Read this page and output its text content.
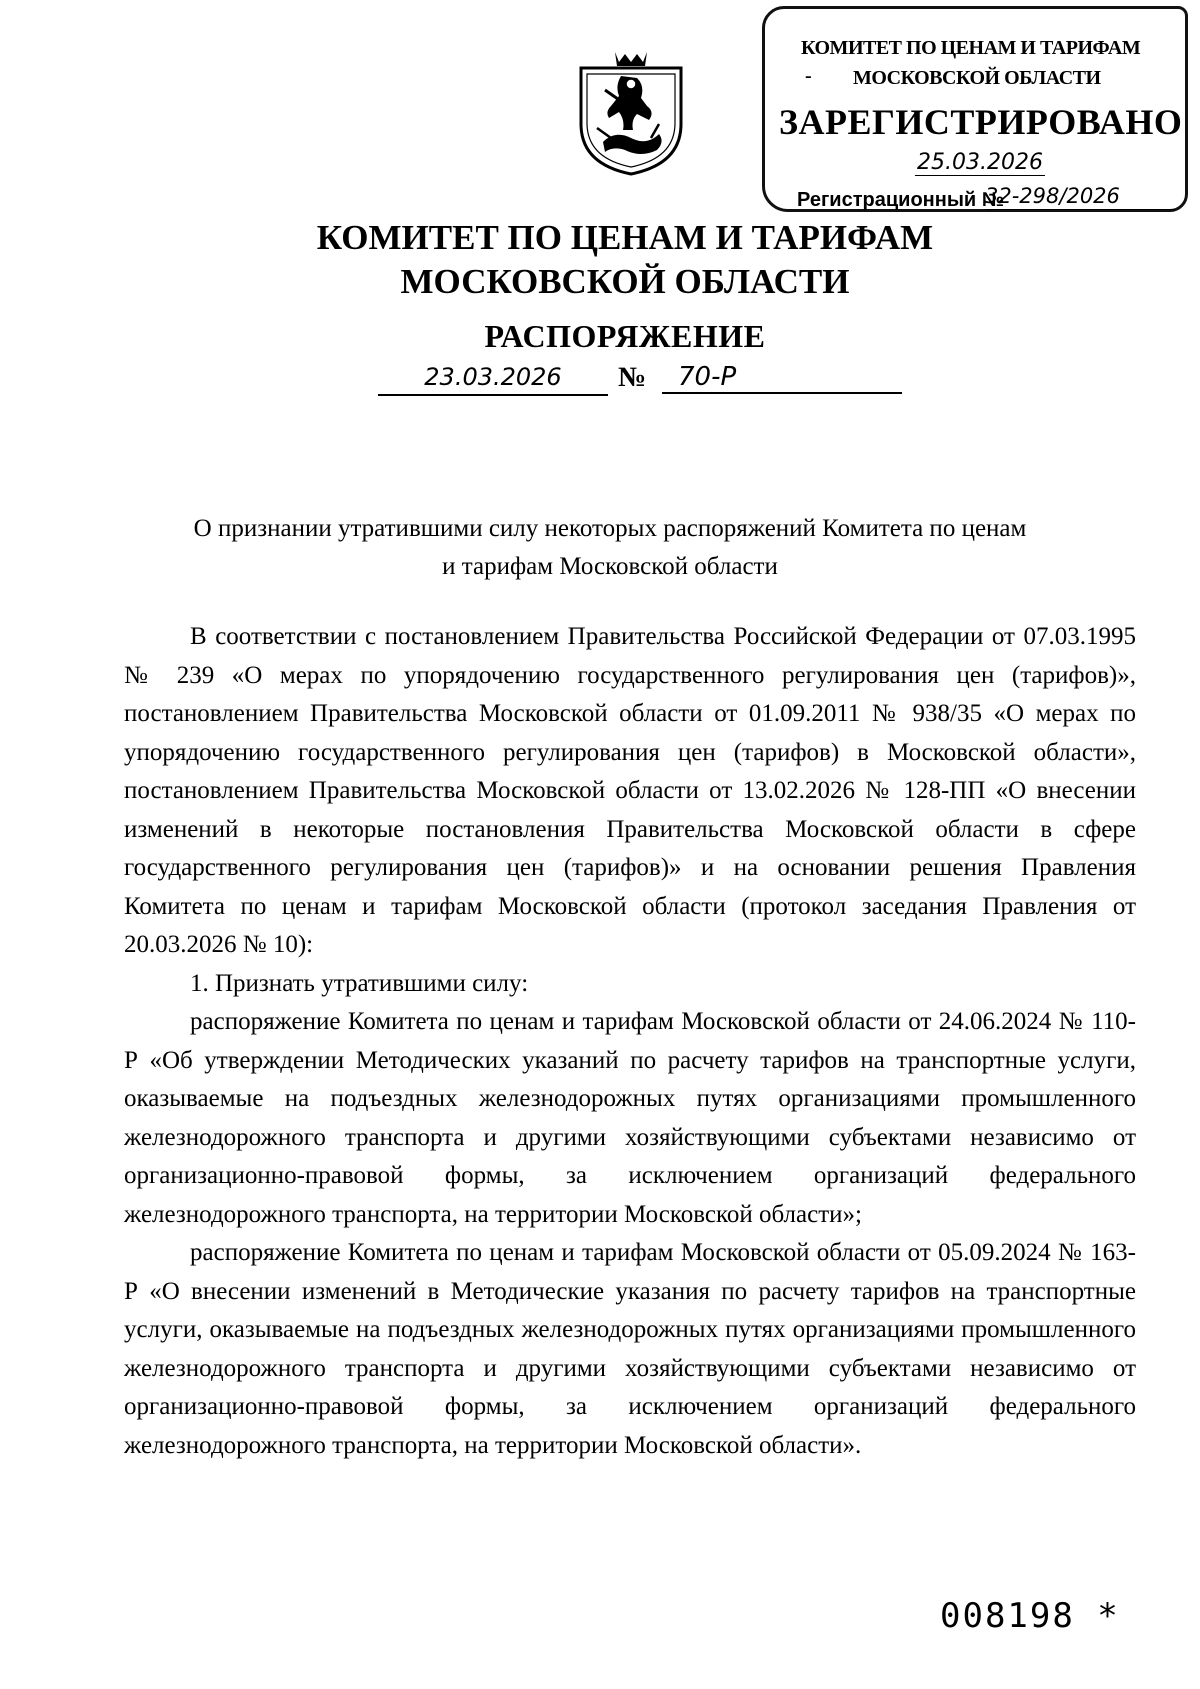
КОМИТЕТ ПО ЦЕНАМ И ТАРИФАМ
- МОСКОВСКОЙ ОБЛАСТИ
ЗАРЕГИСТРИРОВАНО
25.03.2026
Регистрационный №
32-298/2026
КОМИТЕТ ПО ЦЕНАМ И ТАРИФАМ
МОСКОВСКОЙ ОБЛАСТИ
РАСПОРЯЖЕНИЕ
23.03.2026	№	70-Р
О признании утратившими силу некоторых распоряжений Комитета по ценам
и тарифам Московской области

В соответствии с постановлением Правительства Российской Федерации от 07.03.1995 № 239 «О мерах по упорядочению государственного регулирования цен (тарифов)», постановлением Правительства Московской области от 01.09.2011 № 938/35 «О мерах по упорядочению государственного регулирования цен (тарифов) в Московской области», постановлением Правительства Московской области от 13.02.2026 № 128-ПП «О внесении изменений в некоторые постановления Правительства Московской области в сфере государственного регулирования цен (тарифов)» и на основании решения Правления Комитета по ценам и тарифам Московской области (протокол заседания Правления от 20.03.2026 № 10):

1. Признать утратившими силу:

распоряжение Комитета по ценам и тарифам Московской области от 24.06.2024 № 110-Р «Об утверждении Методических указаний по расчету тарифов на транспортные услуги, оказываемые на подъездных железнодорожных путях организациями промышленного железнодорожного транспорта и другими хозяйствующими субъектами независимо от организационно-правовой формы, за исключением организаций федерального железнодорожного транспорта, на территории Московской области»;

распоряжение Комитета по ценам и тарифам Московской области от 05.09.2024 № 163-Р «О внесении изменений в Методические указания по расчету тарифов на транспортные услуги, оказываемые на подъездных железнодорожных путях организациями промышленного железнодорожного транспорта и другими хозяйствующими субъектами независимо от организационно-правовой формы, за исключением организаций федерального железнодорожного транспорта, на территории Московской области».

008198 *
